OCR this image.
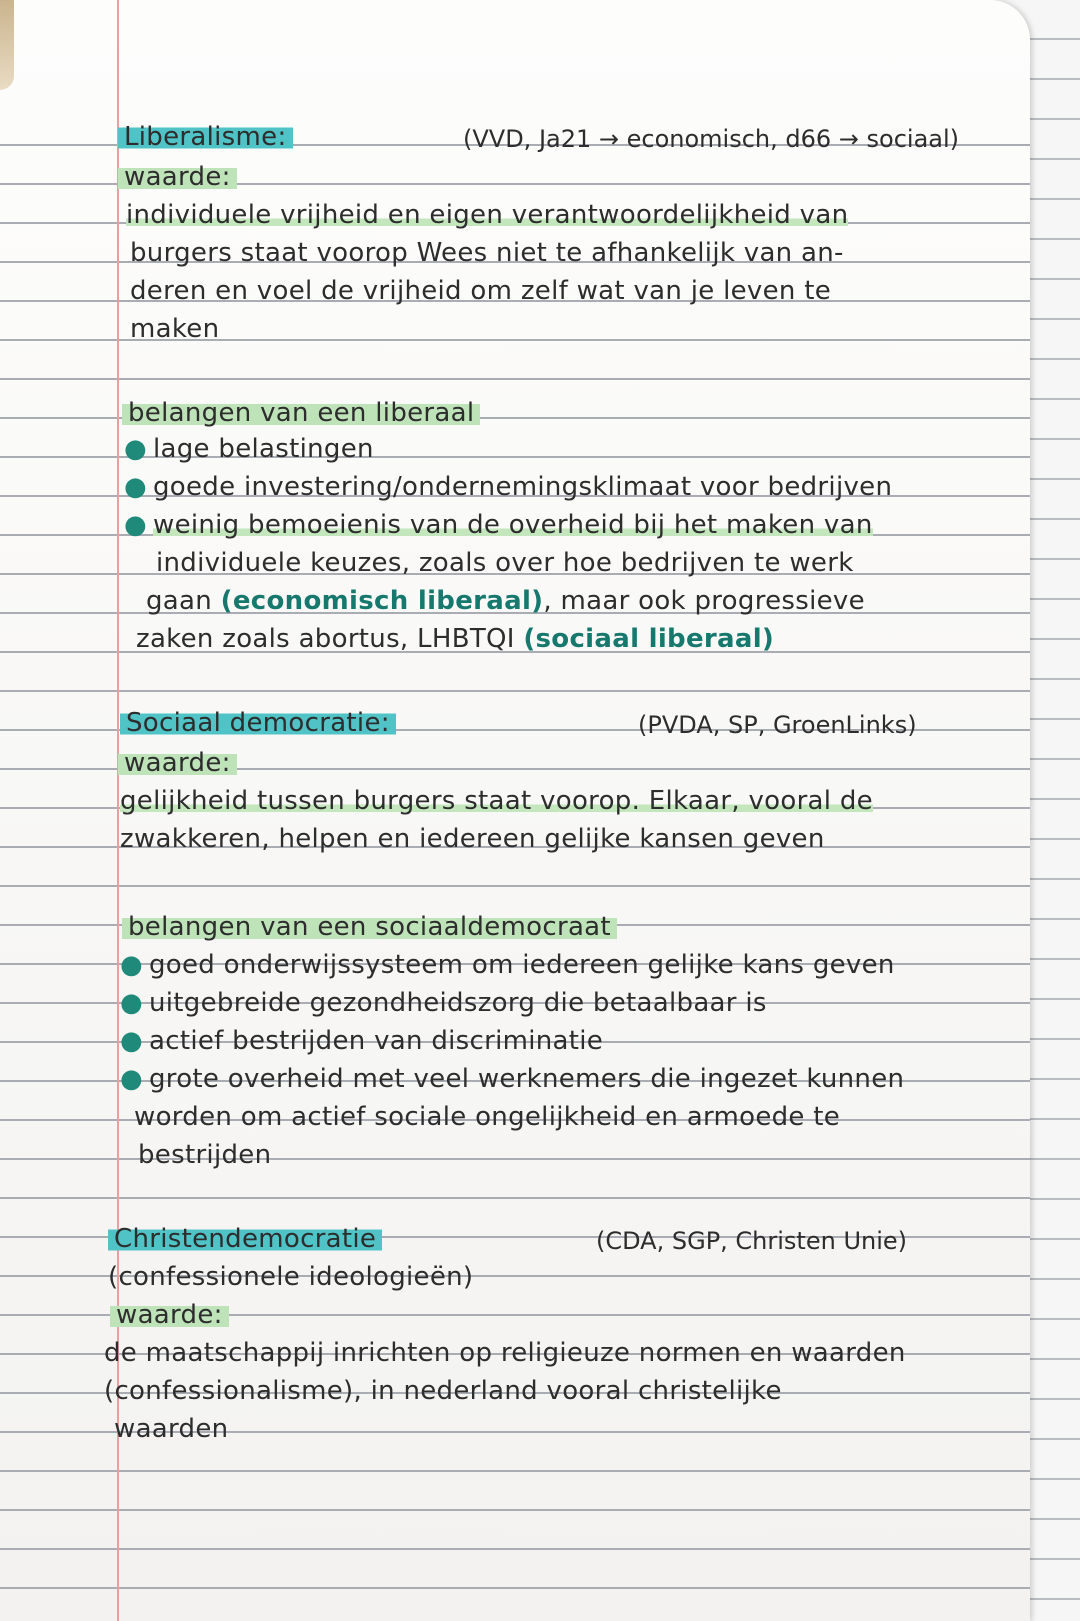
Liberalisme:	(VVD, Ja21 → economisch, d66 → sociaal)
waarde:
individuele vrijheid en eigen verantwoordelijkheid van
burgers staat voorop Wees niet te afhankelijk van an-
deren en voel de vrijheid om zelf wat van je leven te
maken
belangen van een liberaal
● lage belastingen
● goede investering/ondernemingsklimaat voor bedrijven
● weinig bemoeienis van de overheid bij het maken van
individuele keuzes, zoals over hoe bedrijven te werk
gaan (economisch liberaal), maar ook progressieve
zaken zoals abortus, LHBTQI (sociaal liberaal)
Sociaal democratie:	(PVDA, SP, GroenLinks)
waarde:
gelijkheid tussen burgers staat voorop. Elkaar, vooral de
zwakkeren, helpen en iedereen gelijke kansen geven
belangen van een sociaaldemocraat
● goed onderwijssysteem om iedereen gelijke kans geven
● uitgebreide gezondheidszorg die betaalbaar is
● actief bestrijden van discriminatie
● grote overheid met veel werknemers die ingezet kunnen
worden om actief sociale ongelijkheid en armoede te
bestrijden
Christendemocratie	(CDA, SGP, Christen Unie)
(confessionele ideologieën)
waarde:
de maatschappij inrichten op religieuze normen en waarden
(confessionalisme), in nederland vooral christelijke
waarden
